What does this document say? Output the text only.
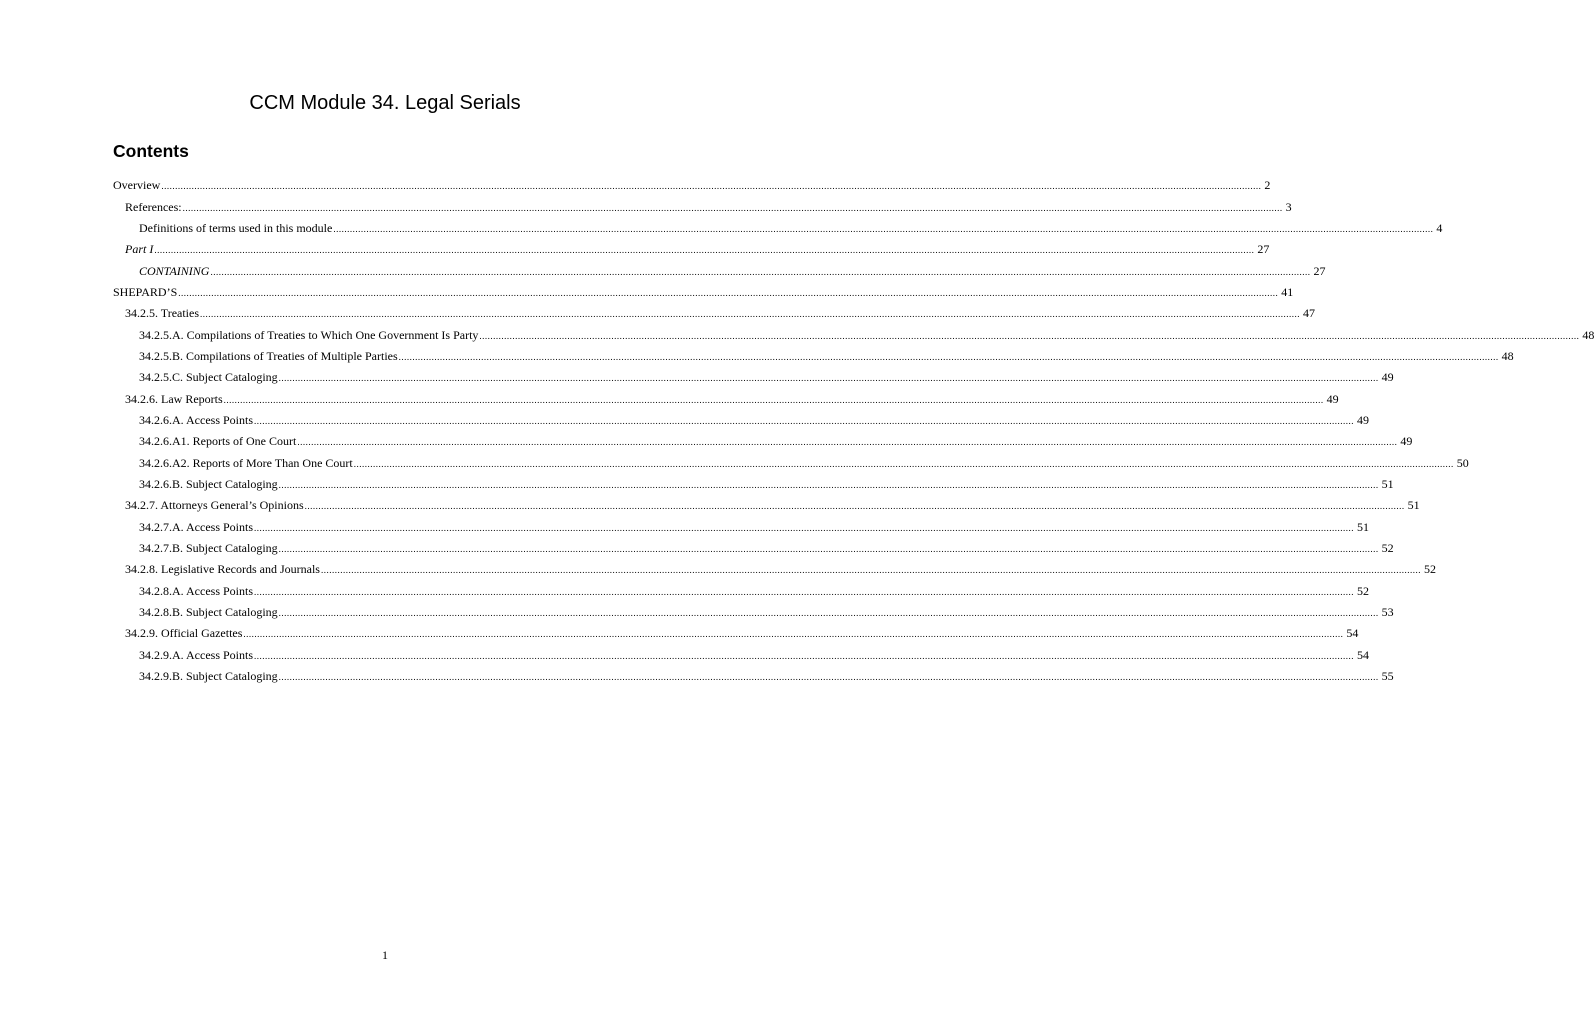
CCM Module 34. Legal Serials
Contents
Overview ................................................................................................................................................................................................................................................................................................................................................................................................................ 2
References: ................................................................................................................................................................................................................................................................................................................................................................................................................ 3
Definitions of terms used in this module ................................................................................................................................................................................................................................................................................................................................................................................................................ 4
Part I ................................................................................................................................................................................................................................................................................................................................................................................................................ 27
CONTAINING ................................................................................................................................................................................................................................................................................................................................................................................................................ 27
SHEPARD’S ................................................................................................................................................................................................................................................................................................................................................................................................................ 41
34.2.5. Treaties ................................................................................................................................................................................................................................................................................................................................................................................................................ 47
34.2.5.A. Compilations of Treaties to Which One Government Is Party ................................................................................................................................................................................................................................................................................................................................................................................................................ 48
34.2.5.B. Compilations of Treaties of Multiple Parties ................................................................................................................................................................................................................................................................................................................................................................................................................ 48
34.2.5.C. Subject Cataloging ................................................................................................................................................................................................................................................................................................................................................................................................................ 49
34.2.6. Law Reports ................................................................................................................................................................................................................................................................................................................................................................................................................ 49
34.2.6.A. Access Points ................................................................................................................................................................................................................................................................................................................................................................................................................ 49
34.2.6.A1. Reports of One Court ................................................................................................................................................................................................................................................................................................................................................................................................................ 49
34.2.6.A2. Reports of More Than One Court ................................................................................................................................................................................................................................................................................................................................................................................................................ 50
34.2.6.B. Subject Cataloging ................................................................................................................................................................................................................................................................................................................................................................................................................ 51
34.2.7. Attorneys General’s Opinions ................................................................................................................................................................................................................................................................................................................................................................................................................ 51
34.2.7.A. Access Points ................................................................................................................................................................................................................................................................................................................................................................................................................ 51
34.2.7.B. Subject Cataloging ................................................................................................................................................................................................................................................................................................................................................................................................................ 52
34.2.8. Legislative Records and Journals ................................................................................................................................................................................................................................................................................................................................................................................................................ 52
34.2.8.A. Access Points ................................................................................................................................................................................................................................................................................................................................................................................................................ 52
34.2.8.B. Subject Cataloging ................................................................................................................................................................................................................................................................................................................................................................................................................ 53
34.2.9. Official Gazettes ................................................................................................................................................................................................................................................................................................................................................................................................................ 54
34.2.9.A. Access Points ................................................................................................................................................................................................................................................................................................................................................................................................................ 54
34.2.9.B. Subject Cataloging ................................................................................................................................................................................................................................................................................................................................................................................................................ 55
1
